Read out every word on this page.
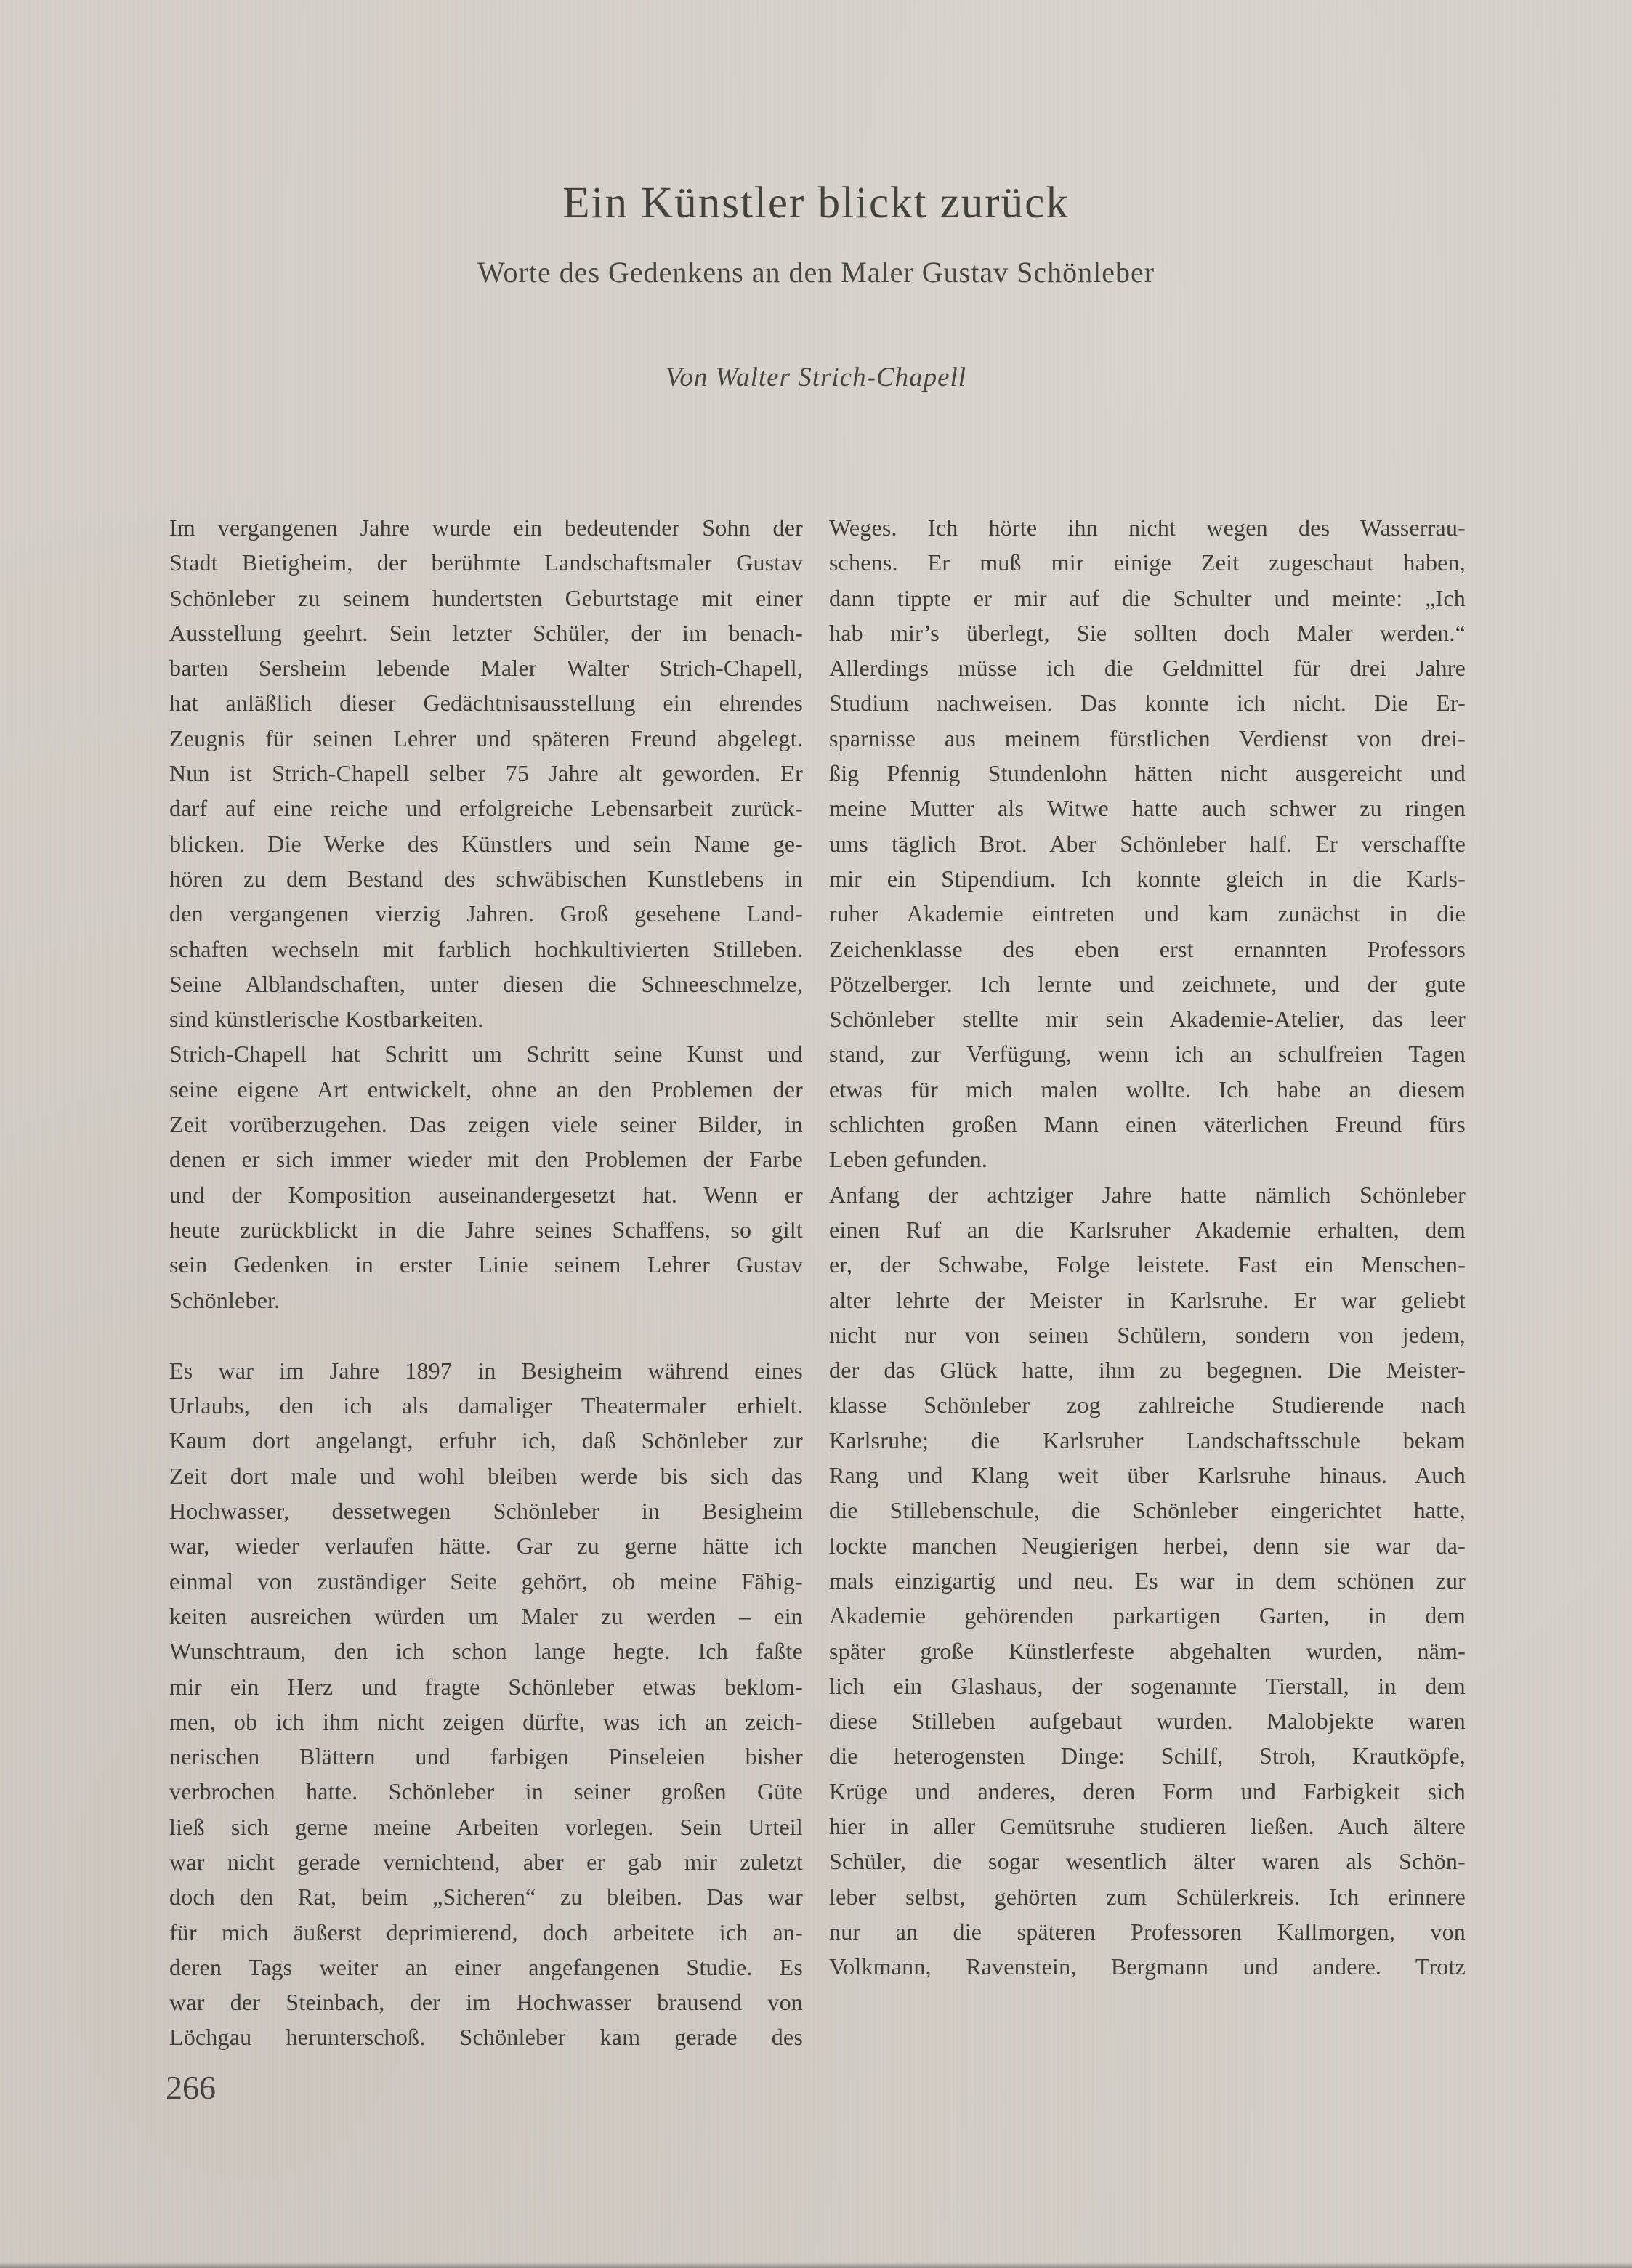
Ein Künstler blickt zurück
Worte des Gedenkens an den Maler Gustav Schönleber
Von Walter Strich-Chapell
Im vergangenen Jahre wurde ein bedeutender Sohn der
Stadt Bietigheim, der berühmte Landschaftsmaler Gustav
Schönleber zu seinem hundertsten Geburtstage mit einer
Ausstellung geehrt. Sein letzter Schüler, der im benach-
barten Sersheim lebende Maler Walter Strich-Chapell,
hat anläßlich dieser Gedächtnisausstellung ein ehrendes
Zeugnis für seinen Lehrer und späteren Freund abgelegt.
Nun ist Strich-Chapell selber 75 Jahre alt geworden. Er
darf auf eine reiche und erfolgreiche Lebensarbeit zurück-
blicken. Die Werke des Künstlers und sein Name ge-
hören zu dem Bestand des schwäbischen Kunstlebens in
den vergangenen vierzig Jahren. Groß gesehene Land-
schaften wechseln mit farblich hochkultivierten Stilleben.
Seine Alblandschaften, unter diesen die Schneeschmelze,
sind künstlerische Kostbarkeiten.
Strich-Chapell hat Schritt um Schritt seine Kunst und
seine eigene Art entwickelt, ohne an den Problemen der
Zeit vorüberzugehen. Das zeigen viele seiner Bilder, in
denen er sich immer wieder mit den Problemen der Farbe
und der Komposition auseinandergesetzt hat. Wenn er
heute zurückblickt in die Jahre seines Schaffens, so gilt
sein Gedenken in erster Linie seinem Lehrer Gustav
Schönleber.
Es war im Jahre 1897 in Besigheim während eines
Urlaubs, den ich als damaliger Theatermaler erhielt.
Kaum dort angelangt, erfuhr ich, daß Schönleber zur
Zeit dort male und wohl bleiben werde bis sich das
Hochwasser, dessetwegen Schönleber in Besigheim
war, wieder verlaufen hätte. Gar zu gerne hätte ich
einmal von zuständiger Seite gehört, ob meine Fähig-
keiten ausreichen würden um Maler zu werden – ein
Wunschtraum, den ich schon lange hegte. Ich faßte
mir ein Herz und fragte Schönleber etwas beklom-
men, ob ich ihm nicht zeigen dürfte, was ich an zeich-
nerischen Blättern und farbigen Pinseleien bisher
verbrochen hatte. Schönleber in seiner großen Güte
ließ sich gerne meine Arbeiten vorlegen. Sein Urteil
war nicht gerade vernichtend, aber er gab mir zuletzt
doch den Rat, beim „Sicheren“ zu bleiben. Das war
für mich äußerst deprimierend, doch arbeitete ich an-
deren Tags weiter an einer angefangenen Studie. Es
war der Steinbach, der im Hochwasser brausend von
Löchgau herunterschoß. Schönleber kam gerade des
Weges. Ich hörte ihn nicht wegen des Wasserrau-
schens. Er muß mir einige Zeit zugeschaut haben,
dann tippte er mir auf die Schulter und meinte: „Ich
hab mir’s überlegt, Sie sollten doch Maler werden.“
Allerdings müsse ich die Geldmittel für drei Jahre
Studium nachweisen. Das konnte ich nicht. Die Er-
sparnisse aus meinem fürstlichen Verdienst von drei-
ßig Pfennig Stundenlohn hätten nicht ausgereicht und
meine Mutter als Witwe hatte auch schwer zu ringen
ums täglich Brot. Aber Schönleber half. Er verschaffte
mir ein Stipendium. Ich konnte gleich in die Karls-
ruher Akademie eintreten und kam zunächst in die
Zeichenklasse des eben erst ernannten Professors
Pötzelberger. Ich lernte und zeichnete, und der gute
Schönleber stellte mir sein Akademie-Atelier, das leer
stand, zur Verfügung, wenn ich an schulfreien Tagen
etwas für mich malen wollte. Ich habe an diesem
schlichten großen Mann einen väterlichen Freund fürs
Leben gefunden.
Anfang der achtziger Jahre hatte nämlich Schönleber
einen Ruf an die Karlsruher Akademie erhalten, dem
er, der Schwabe, Folge leistete. Fast ein Menschen-
alter lehrte der Meister in Karlsruhe. Er war geliebt
nicht nur von seinen Schülern, sondern von jedem,
der das Glück hatte, ihm zu begegnen. Die Meister-
klasse Schönleber zog zahlreiche Studierende nach
Karlsruhe; die Karlsruher Landschaftsschule bekam
Rang und Klang weit über Karlsruhe hinaus. Auch
die Stillebenschule, die Schönleber eingerichtet hatte,
lockte manchen Neugierigen herbei, denn sie war da-
mals einzigartig und neu. Es war in dem schönen zur
Akademie gehörenden parkartigen Garten, in dem
später große Künstlerfeste abgehalten wurden, näm-
lich ein Glashaus, der sogenannte Tierstall, in dem
diese Stilleben aufgebaut wurden. Malobjekte waren
die heterogensten Dinge: Schilf, Stroh, Krautköpfe,
Krüge und anderes, deren Form und Farbigkeit sich
hier in aller Gemütsruhe studieren ließen. Auch ältere
Schüler, die sogar wesentlich älter waren als Schön-
leber selbst, gehörten zum Schülerkreis. Ich erinnere
nur an die späteren Professoren Kallmorgen, von
Volkmann, Ravenstein, Bergmann und andere. Trotz
266
